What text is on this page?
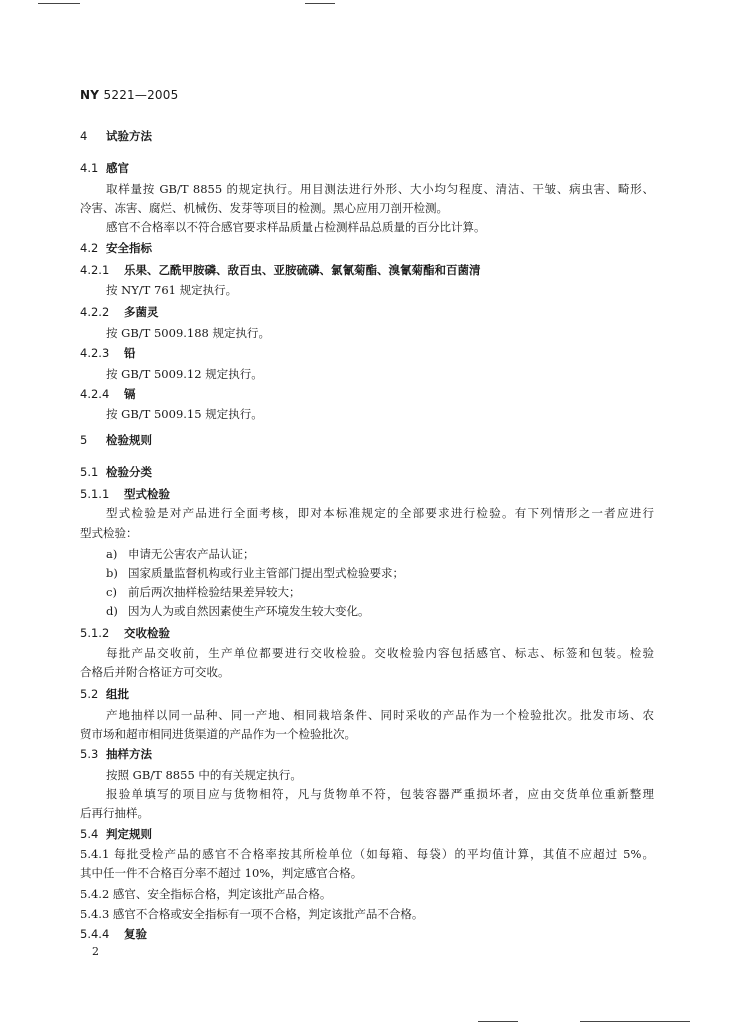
NY 5221—2005
4 试验方法
4.1 感官
取样量按 GB/T 8855 的规定执行。用目测法进行外形、大小均匀程度、清洁、干皱、病虫害、畸形、
冷害、冻害、腐烂、机械伤、发芽等项目的检测。黑心应用刀剖开检测。
感官不合格率以不符合感官要求样品质量占检测样品总质量的百分比计算。
4.2 安全指标
4.2.1 乐果、乙酰甲胺磷、敌百虫、亚胺硫磷、氯氰菊酯、溴氰菊酯和百菌清
按 NY/T 761 规定执行。
4.2.2 多菌灵
按 GB/T 5009.188 规定执行。
4.2.3 铅
按 GB/T 5009.12 规定执行。
4.2.4 镉
按 GB/T 5009.15 规定执行。
5 检验规则
5.1 检验分类
5.1.1 型式检验
型式检验是对产品进行全面考核，即对本标准规定的全部要求进行检验。有下列情形之一者应进行
型式检验：
a) 申请无公害农产品认证；
b) 国家质量监督机构或行业主管部门提出型式检验要求；
c) 前后两次抽样检验结果差异较大；
d) 因为人为或自然因素使生产环境发生较大变化。
5.1.2 交收检验
每批产品交收前，生产单位都要进行交收检验。交收检验内容包括感官、标志、标签和包装。检验
合格后并附合格证方可交收。
5.2 组批
产地抽样以同一品种、同一产地、相同栽培条件、同时采收的产品作为一个检验批次。批发市场、农
贸市场和超市相同进货渠道的产品作为一个检验批次。
5.3 抽样方法
按照 GB/T 8855 中的有关规定执行。
报验单填写的项目应与货物相符，凡与货物单不符，包装容器严重损坏者，应由交货单位重新整理
后再行抽样。
5.4 判定规则
5.4.1 每批受检产品的感官不合格率按其所检单位（如每箱、每袋）的平均值计算，其值不应超过 5%。
其中任一件不合格百分率不超过 10%，判定感官合格。
5.4.2 感官、安全指标合格，判定该批产品合格。
5.4.3 感官不合格或安全指标有一项不合格，判定该批产品不合格。
5.4.4 复验
2
